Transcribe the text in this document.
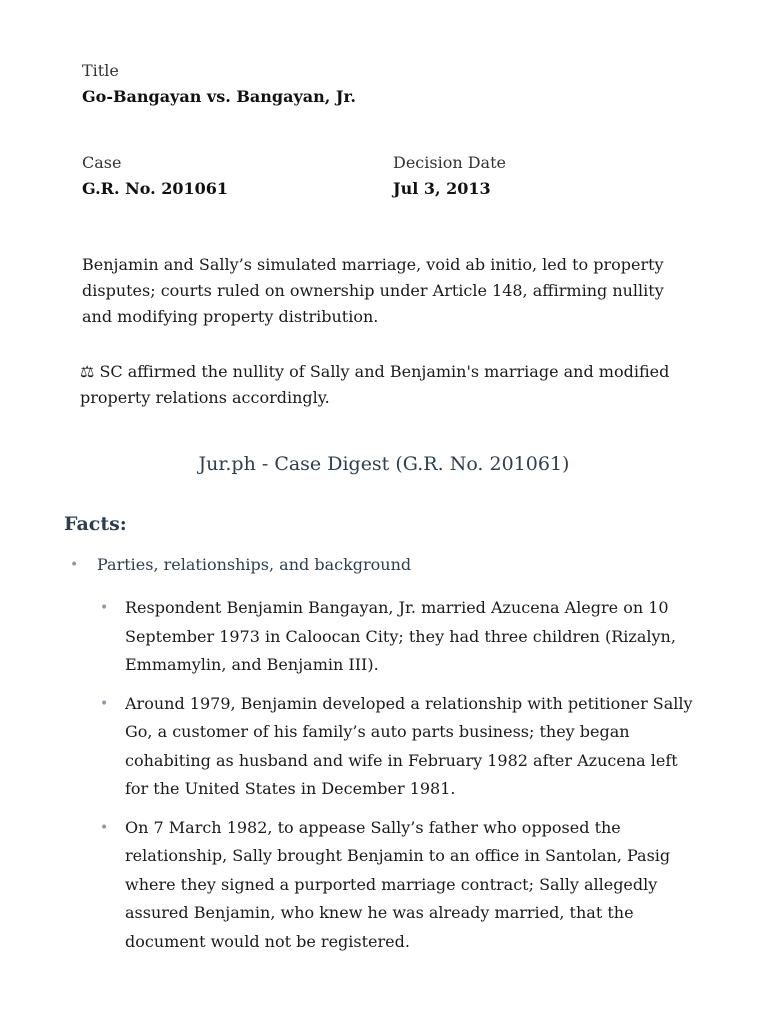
Title
Go-Bangayan vs. Bangayan, Jr.
Case
G.R. No. 201061
Decision Date
Jul 3, 2013
Benjamin and Sally’s simulated marriage, void ab initio, led to property disputes; courts ruled on ownership under Article 148, affirming nullity and modifying property distribution.
⚖ SC affirmed the nullity of Sally and Benjamin's marriage and modified property relations accordingly.
Jur.ph - Case Digest (G.R. No. 201061)
Facts:
• Parties, relationships, and background
• Respondent Benjamin Bangayan, Jr. married Azucena Alegre on 10 September 1973 in Caloocan City; they had three children (Rizalyn, Emmamylin, and Benjamin III).
• Around 1979, Benjamin developed a relationship with petitioner Sally Go, a customer of his family’s auto parts business; they began cohabiting as husband and wife in February 1982 after Azucena left for the United States in December 1981.
• On 7 March 1982, to appease Sally’s father who opposed the relationship, Sally brought Benjamin to an office in Santolan, Pasig where they signed a purported marriage contract; Sally allegedly assured Benjamin, who knew he was already married, that the document would not be registered.
